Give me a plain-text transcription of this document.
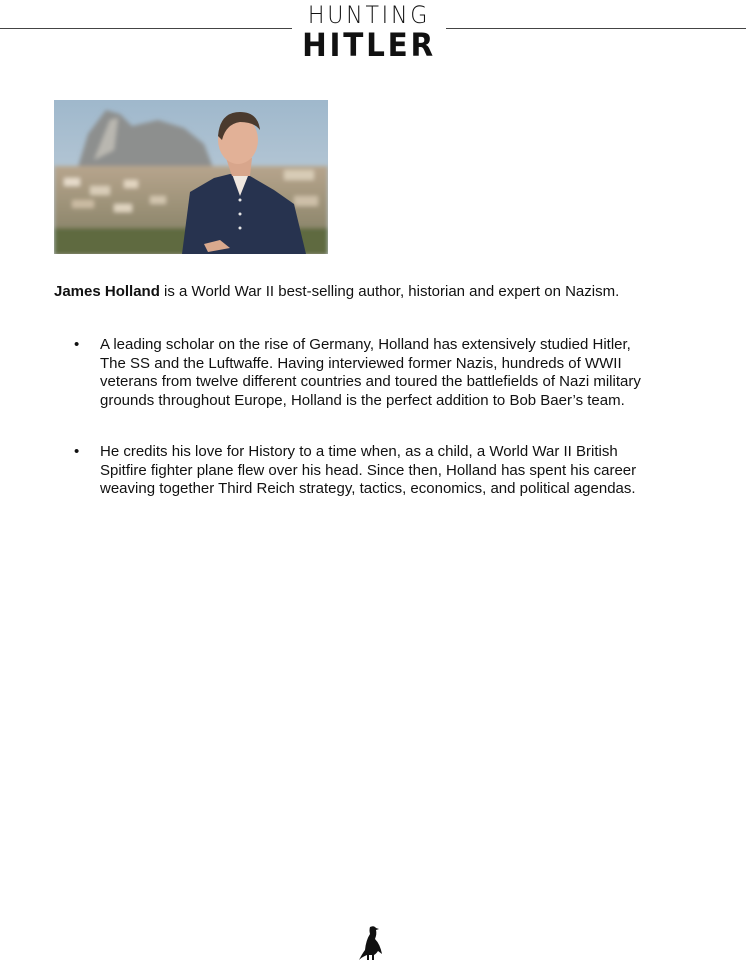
HUNTING
HITLER

James Holland is a World War II best-selling author, historian and expert on Nazism.

• A leading scholar on the rise of Germany, Holland has extensively studied Hitler, The SS and the Luftwaffe. Having interviewed former Nazis, hundreds of WWII veterans from twelve different countries and toured the battlefields of Nazi military grounds throughout Europe, Holland is the perfect addition to Bob Baer’s team.
• He credits his love for History to a time when, as a child, a World War II British Spitfire fighter plane flew over his head. Since then, Holland has spent his career weaving together Third Reich strategy, tactics, economics, and political agendas.
